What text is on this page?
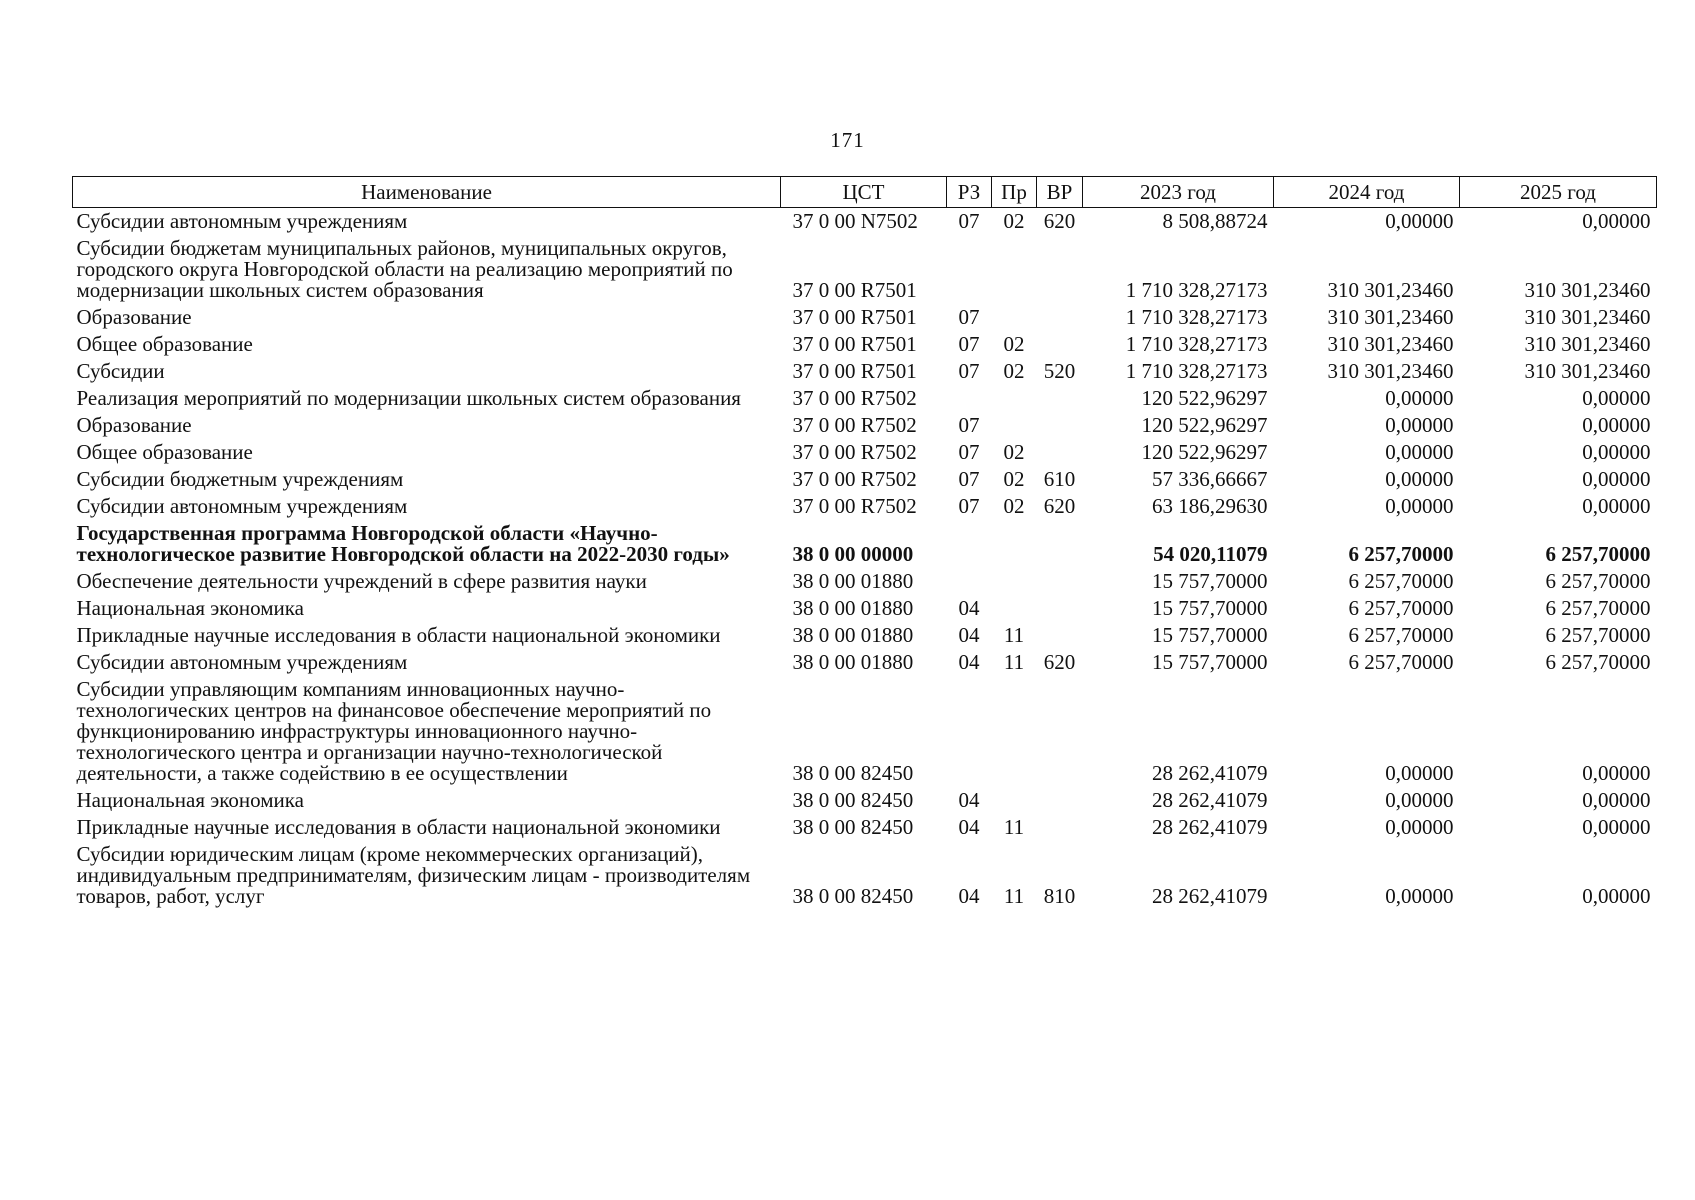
171
Наименование	ЦСТ	РЗ	Пр	ВР	2023 год	2024 год	2025 год
Субсидии автономным учреждениям	37 0 00 N7502	07	02	620	8 508,88724	0,00000	0,00000
Субсидии бюджетам муниципальных районов, муниципальных округов, городского округа Новгородской области на реализацию мероприятий по модернизации школьных систем образования	37 0 00 R7501				1 710 328,27173	310 301,23460	310 301,23460
Образование	37 0 00 R7501	07			1 710 328,27173	310 301,23460	310 301,23460
Общее образование	37 0 00 R7501	07	02		1 710 328,27173	310 301,23460	310 301,23460
Субсидии	37 0 00 R7501	07	02	520	1 710 328,27173	310 301,23460	310 301,23460
Реализация мероприятий по модернизации школьных систем образования	37 0 00 R7502				120 522,96297	0,00000	0,00000
Образование	37 0 00 R7502	07			120 522,96297	0,00000	0,00000
Общее образование	37 0 00 R7502	07	02		120 522,96297	0,00000	0,00000
Субсидии бюджетным учреждениям	37 0 00 R7502	07	02	610	57 336,66667	0,00000	0,00000
Субсидии автономным учреждениям	37 0 00 R7502	07	02	620	63 186,29630	0,00000	0,00000
Государственная программа Новгородской области «Научно-технологическое развитие Новгородской области на 2022-2030 годы»	38 0 00 00000				54 020,11079	6 257,70000	6 257,70000
Обеспечение деятельности учреждений в сфере развития науки	38 0 00 01880				15 757,70000	6 257,70000	6 257,70000
Национальная экономика	38 0 00 01880	04			15 757,70000	6 257,70000	6 257,70000
Прикладные научные исследования в области национальной экономики	38 0 00 01880	04	11		15 757,70000	6 257,70000	6 257,70000
Субсидии автономным учреждениям	38 0 00 01880	04	11	620	15 757,70000	6 257,70000	6 257,70000
Субсидии управляющим компаниям инновационных научно-технологических центров на финансовое обеспечение мероприятий по функционированию инфраструктуры инновационного научно-технологического центра и организации научно-технологической деятельности, а также содействию в ее осуществлении	38 0 00 82450				28 262,41079	0,00000	0,00000
Национальная экономика	38 0 00 82450	04			28 262,41079	0,00000	0,00000
Прикладные научные исследования в области национальной экономики	38 0 00 82450	04	11		28 262,41079	0,00000	0,00000
Субсидии юридическим лицам (кроме некоммерческих организаций), индивидуальным предпринимателям, физическим лицам - производителям товаров, работ, услуг	38 0 00 82450	04	11	810	28 262,41079	0,00000	0,00000
